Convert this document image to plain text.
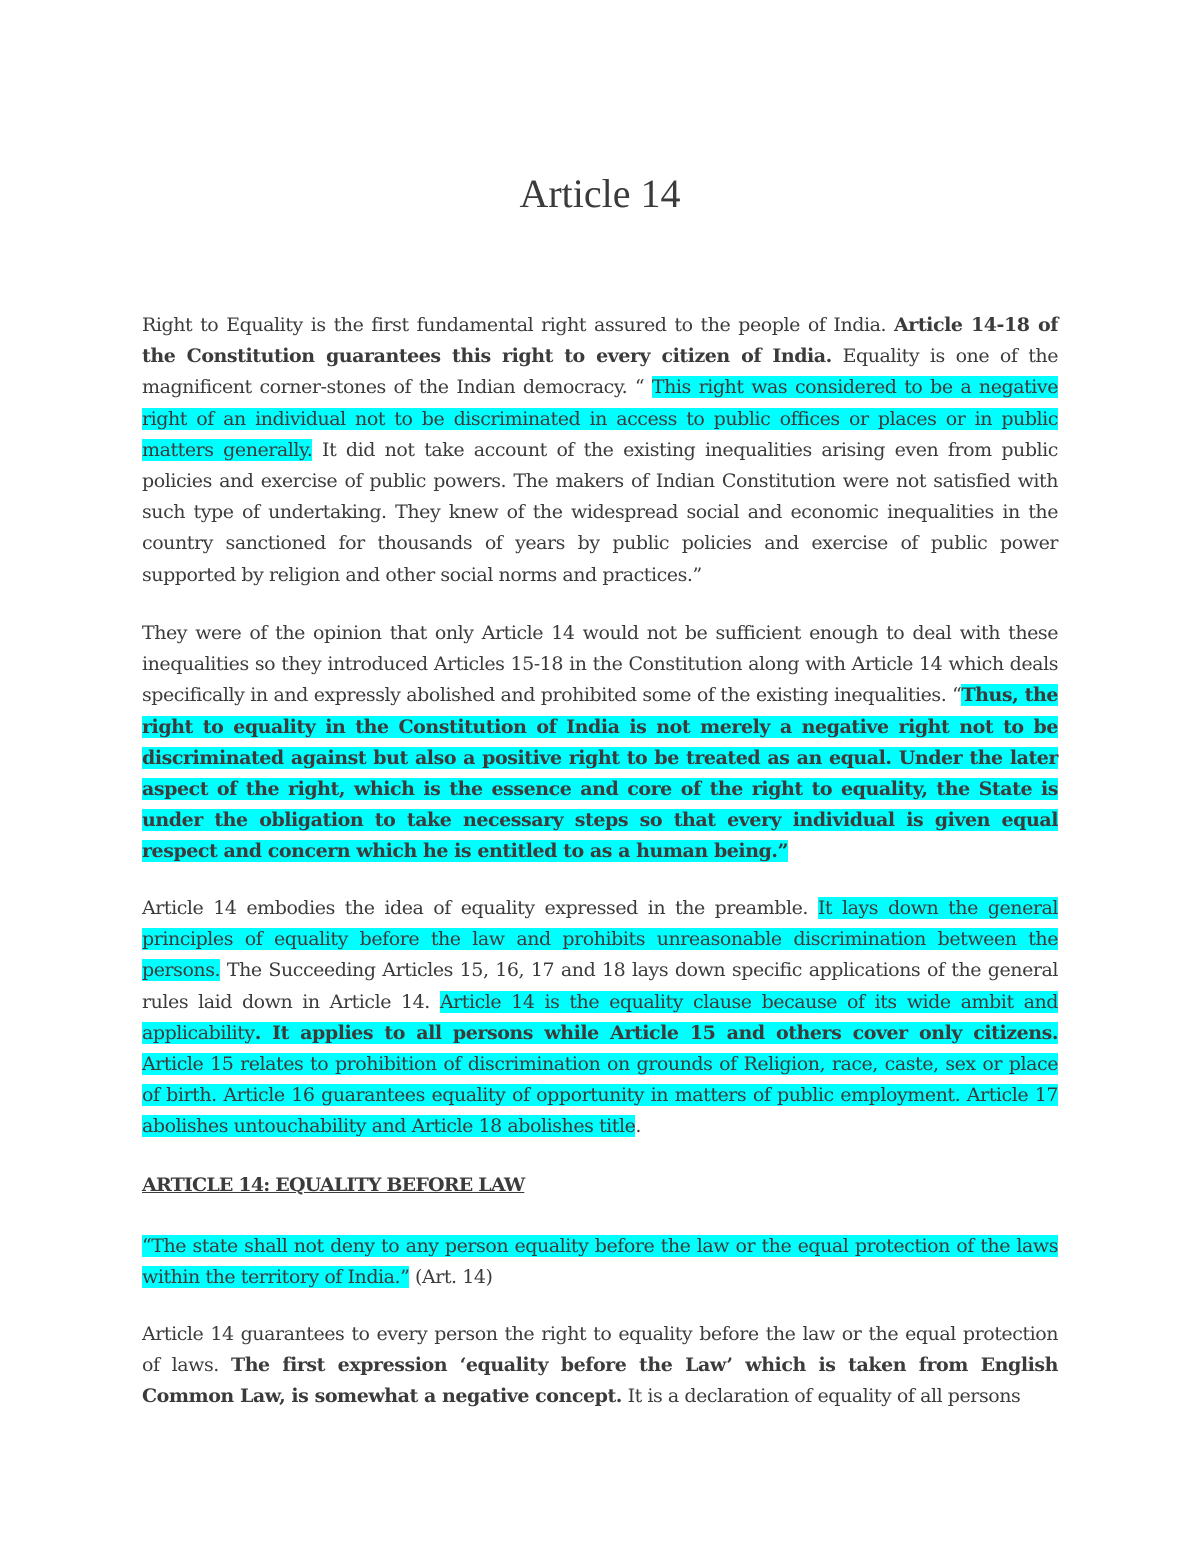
Article 14

Right to Equality is the first fundamental right assured to the people of India. Article 14-18 of the Constitution guarantees this right to every citizen of India. Equality is one of the magnificent corner-stones of the Indian democracy. “ This right was considered to be a negative right of an individual not to be discriminated in access to public offices or places or in public matters generally. It did not take account of the existing inequalities arising even from public policies and exercise of public powers. The makers of Indian Constitution were not satisfied with such type of undertaking. They knew of the widespread social and economic inequalities in the country sanctioned for thousands of years by public policies and exercise of public power supported by religion and other social norms and practices.”

They were of the opinion that only Article 14 would not be sufficient enough to deal with these inequalities so they introduced Articles 15-18 in the Constitution along with Article 14 which deals specifically in and expressly abolished and prohibited some of the existing inequalities. “Thus, the right to equality in the Constitution of India is not merely a negative right not to be discriminated against but also a positive right to be treated as an equal. Under the later aspect of the right, which is the essence and core of the right to equality, the State is under the obligation to take necessary steps so that every individual is given equal respect and concern which he is entitled to as a human being.”

Article 14 embodies the idea of equality expressed in the preamble. It lays down the general principles of equality before the law and prohibits unreasonable discrimination between the persons. The Succeeding Articles 15, 16, 17 and 18 lays down specific applications of the general rules laid down in Article 14. Article 14 is the equality clause because of its wide ambit and applicability. It applies to all persons while Article 15 and others cover only citizens. Article 15 relates to prohibition of discrimination on grounds of Religion, race, caste, sex or place of birth. Article 16 guarantees equality of opportunity in matters of public employment. Article 17 abolishes untouchability and Article 18 abolishes title.

ARTICLE 14: EQUALITY BEFORE LAW

“The state shall not deny to any person equality before the law or the equal protection of the laws within the territory of India.” (Art. 14)

Article 14 guarantees to every person the right to equality before the law or the equal protection of laws. The first expression ‘equality before the Law’ which is taken from English Common Law, is somewhat a negative concept. It is a declaration of equality of all persons
